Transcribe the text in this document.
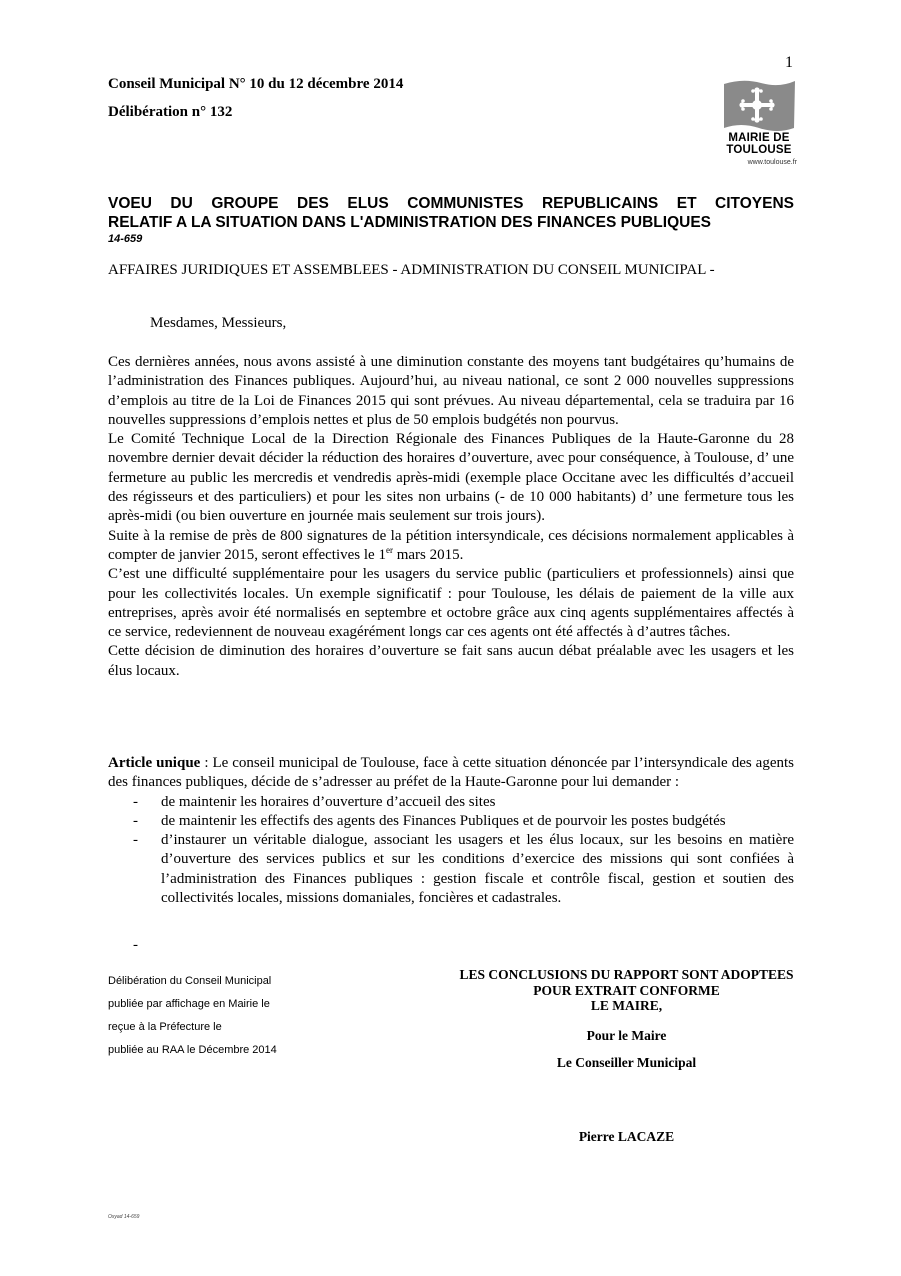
1
Conseil Municipal N° 10 du 12 décembre 2014
Délibération n° 132
MAIRIE DE
TOULOUSE
www.toulouse.fr
VOEU DU GROUPE DES ELUS COMMUNISTES REPUBLICAINS ET CITOYENS
RELATIF A LA SITUATION DANS L'ADMINISTRATION DES FINANCES PUBLIQUES
14-659
AFFAIRES JURIDIQUES ET ASSEMBLEES - ADMINISTRATION DU CONSEIL MUNICIPAL -
Mesdames, Messieurs,

Ces dernières années, nous avons assisté à une diminution constante des moyens tant budgétaires qu’humains de l’administration des Finances publiques. Aujourd’hui, au niveau national, ce sont 2 000 nouvelles suppressions d’emplois au titre de la Loi de Finances 2015 qui sont prévues. Au niveau départemental, cela se traduira par 16 nouvelles suppressions d’emplois nettes et plus de 50 emplois budgétés non pourvus.

Le Comité Technique Local de la Direction Régionale des Finances Publiques de la Haute-Garonne du 28 novembre dernier devait décider la réduction des horaires d’ouverture, avec pour conséquence, à Toulouse, d’ une fermeture au public les mercredis et vendredis après-midi (exemple place Occitane avec les difficultés d’accueil des régisseurs et des particuliers) et pour les sites non urbains (- de 10 000 habitants) d’ une fermeture tous les après-midi (ou bien ouverture en journée mais seulement sur trois jours).

Suite à la remise de près de 800 signatures de la pétition intersyndicale, ces décisions normalement applicables à compter de janvier 2015, seront effectives le 1er mars 2015.

C’est une difficulté supplémentaire pour les usagers du service public (particuliers et professionnels) ainsi que pour les collectivités locales. Un exemple significatif : pour Toulouse, les délais de paiement de la ville aux entreprises, après avoir été normalisés en septembre et octobre grâce aux cinq agents supplémentaires affectés à ce service, redeviennent de nouveau exagérément longs car ces agents ont été affectés à d’autres tâches.

Cette décision de diminution des horaires d’ouverture se fait sans aucun débat préalable avec les usagers et les élus locaux.

Article unique : Le conseil municipal de Toulouse, face à cette situation dénoncée par l’intersyndicale des agents des finances publiques, décide de s’adresser au préfet de la Haute-Garonne pour lui demander :

- de maintenir les horaires d’ouverture d’accueil des sites
- de maintenir les effectifs des agents des Finances Publiques et de pourvoir les postes budgétés
- d’instaurer un véritable dialogue, associant les usagers et les élus locaux, sur les besoins en matière d’ouverture des services publics et sur les conditions d’exercice des missions qui sont confiées à l’administration des Finances publiques : gestion fiscale et contrôle fiscal, gestion et soutien des collectivités locales, missions domaniales, foncières et cadastrales.
-
Délibération du Conseil Municipal
publiée par affichage en Mairie le
reçue à la Préfecture le
publiée au RAA le Décembre 2014
LES CONCLUSIONS DU RAPPORT SONT ADOPTEES
POUR EXTRAIT CONFORME
LE MAIRE,
Pour le Maire
Le Conseiller Municipal
Pierre LACAZE
Oxyad 14-659
